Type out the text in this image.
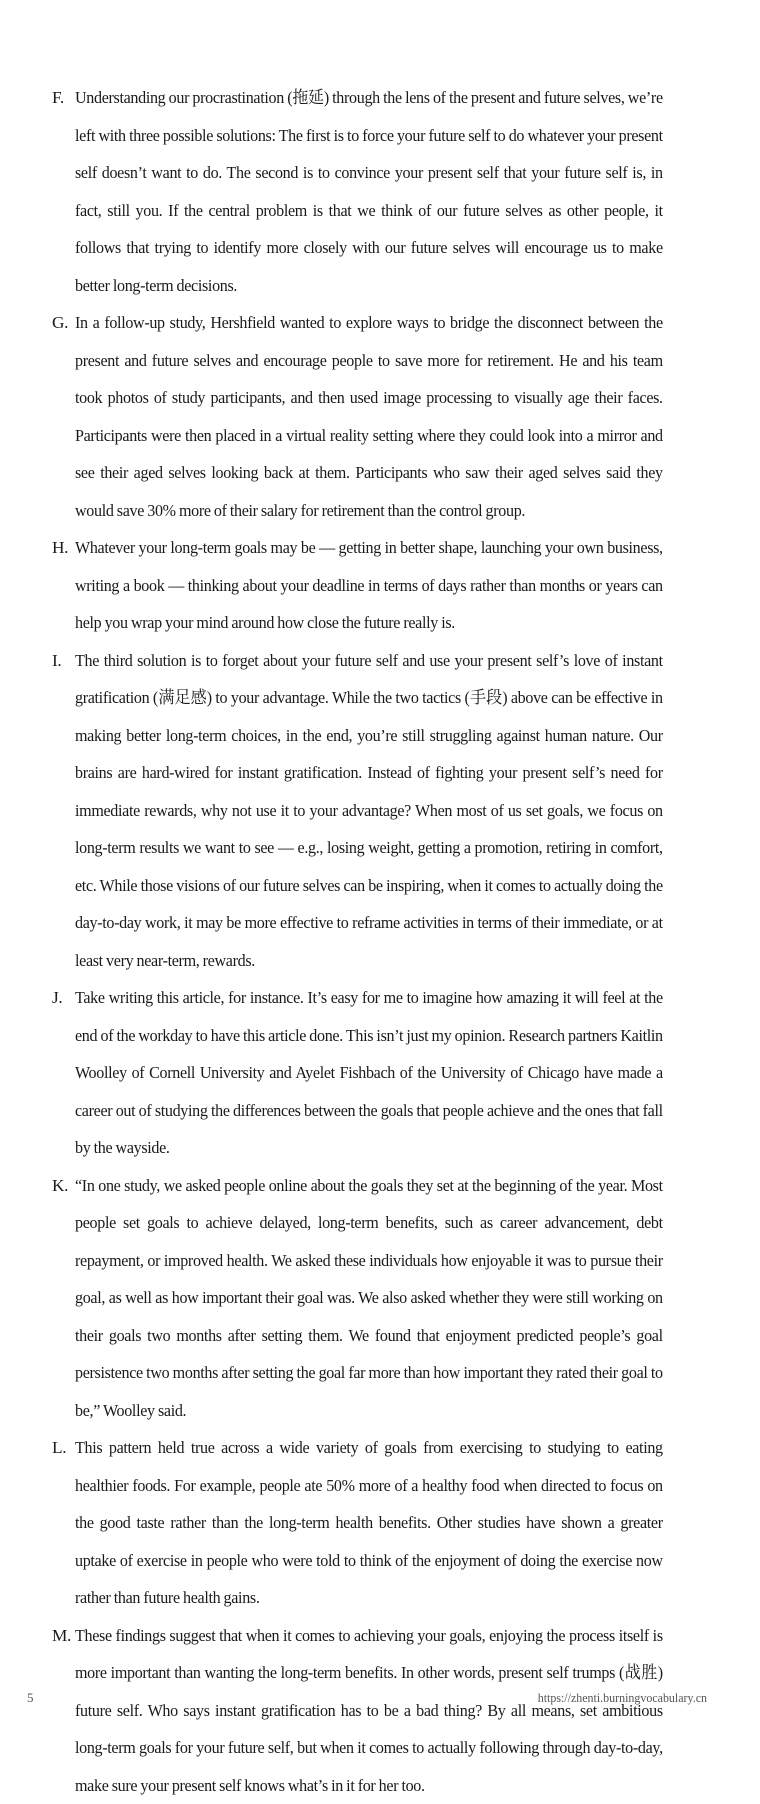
F. Understanding our procrastination (拖延) through the lens of the present and future selves, we’re left with three possible solutions: The first is to force your future self to do whatever your present self doesn’t want to do. The second is to convince your present self that your future self is, in fact, still you. If the central problem is that we think of our future selves as other people, it follows that trying to identify more closely with our future selves will encourage us to make better long-term decisions.
G. In a follow-up study, Hershfield wanted to explore ways to bridge the disconnect between the present and future selves and encourage people to save more for retirement. He and his team took photos of study participants, and then used image processing to visually age their faces. Participants were then placed in a virtual reality setting where they could look into a mirror and see their aged selves looking back at them. Participants who saw their aged selves said they would save 30% more of their salary for retirement than the control group.
H. Whatever your long-term goals may be — getting in better shape, launching your own business, writing a book — thinking about your deadline in terms of days rather than months or years can help you wrap your mind around how close the future really is.
I. The third solution is to forget about your future self and use your present self’s love of instant gratification (满足感) to your advantage. While the two tactics (手段) above can be effective in making better long-term choices, in the end, you’re still struggling against human nature. Our brains are hard-wired for instant gratification. Instead of fighting your present self’s need for immediate rewards, why not use it to your advantage? When most of us set goals, we focus on long-term results we want to see — e.g., losing weight, getting a promotion, retiring in comfort, etc. While those visions of our future selves can be inspiring, when it comes to actually doing the day-to-day work, it may be more effective to reframe activities in terms of their immediate, or at least very near-term, rewards.
J. Take writing this article, for instance. It’s easy for me to imagine how amazing it will feel at the end of the workday to have this article done. This isn’t just my opinion. Research partners Kaitlin Woolley of Cornell University and Ayelet Fishbach of the University of Chicago have made a career out of studying the differences between the goals that people achieve and the ones that fall by the wayside.
K. “In one study, we asked people online about the goals they set at the beginning of the year. Most people set goals to achieve delayed, long-term benefits, such as career advancement, debt repayment, or improved health. We asked these individuals how enjoyable it was to pursue their goal, as well as how important their goal was. We also asked whether they were still working on their goals two months after setting them. We found that enjoyment predicted people’s goal persistence two months after setting the goal far more than how important they rated their goal to be,” Woolley said.
L. This pattern held true across a wide variety of goals from exercising to studying to eating healthier foods. For example, people ate 50% more of a healthy food when directed to focus on the good taste rather than the long-term health benefits. Other studies have shown a greater uptake of exercise in people who were told to think of the enjoyment of doing the exercise now rather than future health gains.
M. These findings suggest that when it comes to achieving your goals, enjoying the process itself is more important than wanting the long-term benefits. In other words, present self trumps (战胜) future self. Who says instant gratification has to be a bad thing? By all means, set ambitious long-term goals for your future self, but when it comes to actually following through day-to-day, make sure your present self knows what’s in it for her too.
5	https://zhenti.burningvocabulary.cn
